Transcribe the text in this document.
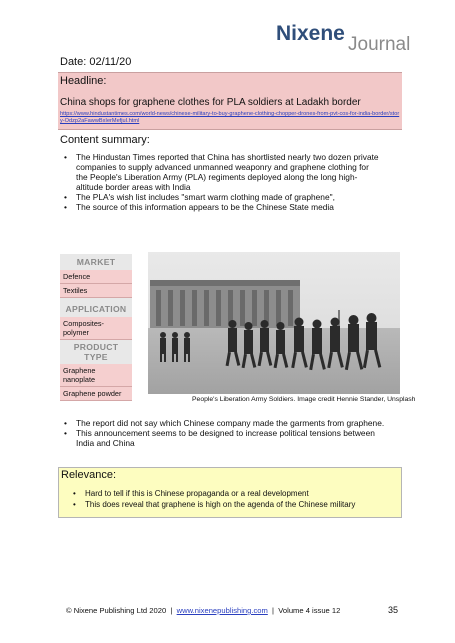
Nixene Journal
Date: 02/11/20
Headline:
China shops for graphene clothes for PLA soldiers at Ladakh border
https://www.hindustantimes.com/world-news/chinese-military-to-buy-graphene-clothing-chopper-drones-from-pvt-cos-for-india-border/story-Odzp2aFawwBxIerMefjuI.html
Content summary:
• The Hindustan Times reported that China has shortlisted nearly two dozen private companies to supply advanced unmanned weaponry and graphene clothing for the People's Liberation Army (PLA) regiments deployed along the long high-altitude border areas with India
• The PLA's wish list includes "smart warm clothing made of graphene",
• The source of this information appears to be the Chinese State media
MARKET
Defence
Textiles
APPLICATION
Composites-polymer
PRODUCT TYPE
Graphene nanoplate
Graphene powder
People's Liberation Army Soldiers. Image credit Hennie Stander, Unsplash
• The report did not say which Chinese company made the garments from graphene.
• This announcement seems to be designed to increase political tensions between India and China
Relevance:
• Hard to tell if this is Chinese propaganda or a real development
• This does reveal that graphene is high on the agenda of the Chinese military
© Nixene Publishing Ltd 2020 | www.nixenepublishing.com | Volume 4 issue 12	35
